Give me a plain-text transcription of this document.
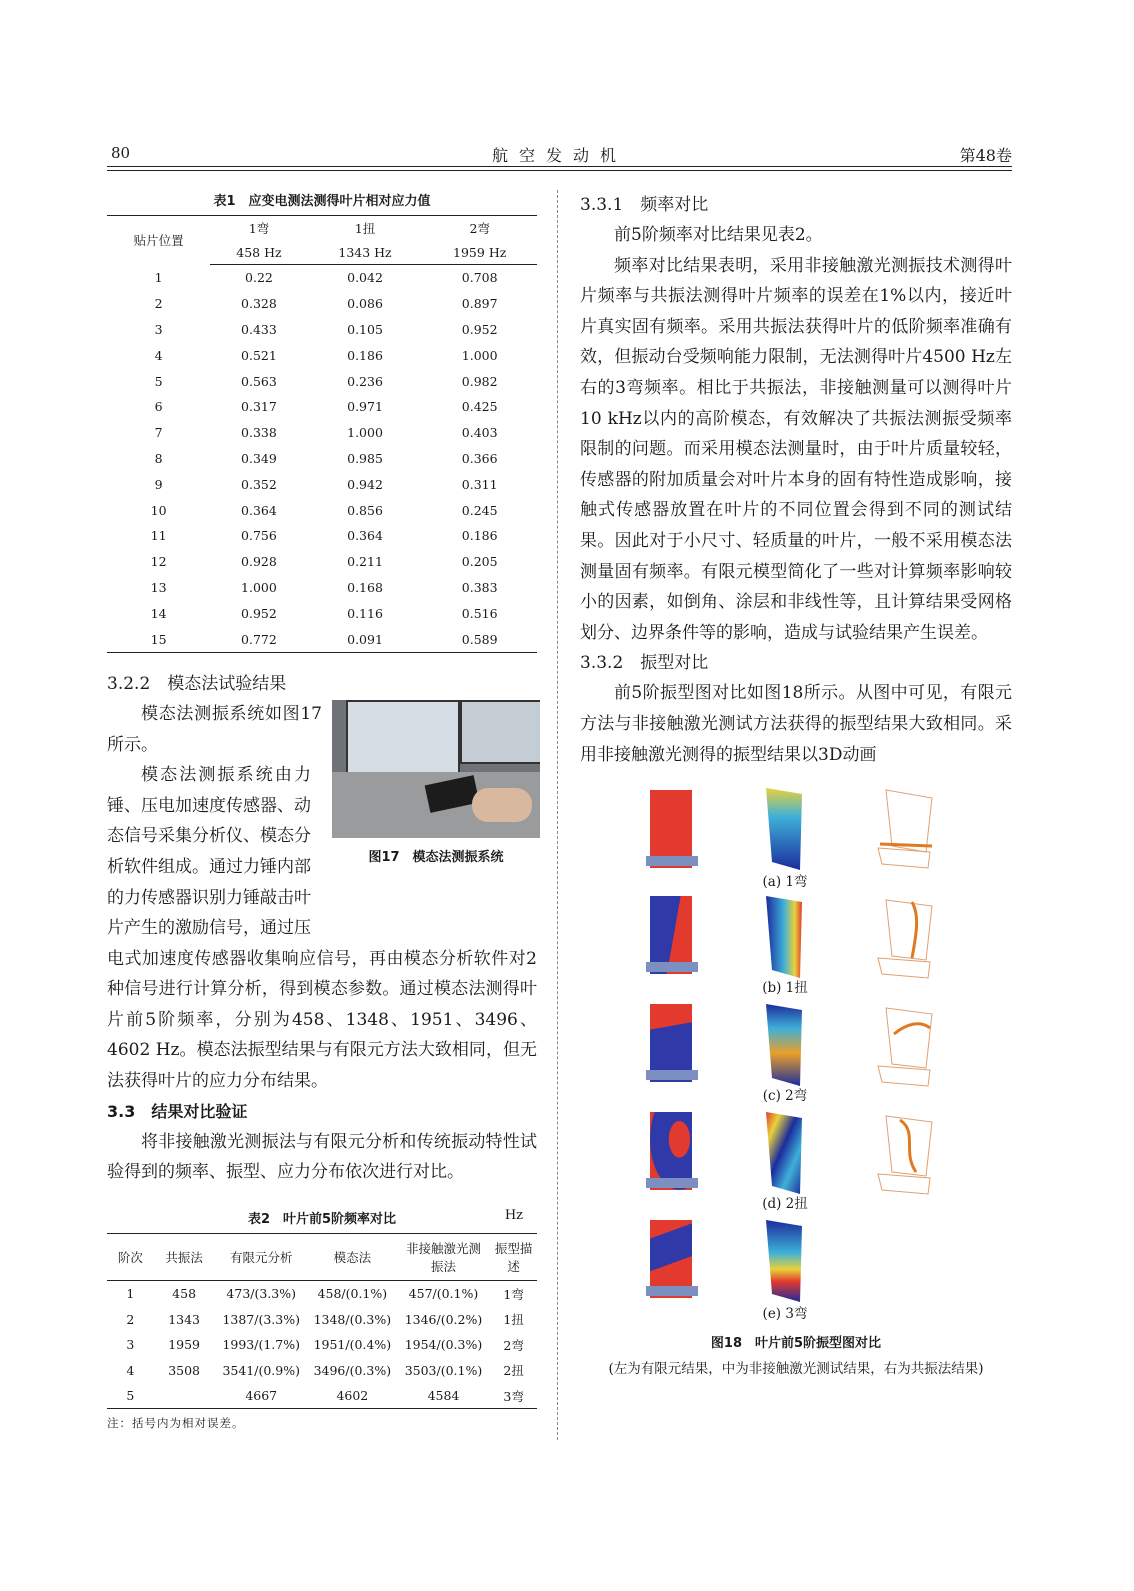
80	航空发动机	第48卷
表1　应变电测法测得叶片相对应力值
贴片位置	1弯	1扭	2弯
	458 Hz	1343 Hz	1959 Hz
1	0.22	0.042	0.708
2	0.328	0.086	0.897
3	0.433	0.105	0.952
4	0.521	0.186	1.000
5	0.563	0.236	0.982
6	0.317	0.971	0.425
7	0.338	1.000	0.403
8	0.349	0.985	0.366
9	0.352	0.942	0.311
10	0.364	0.856	0.245
11	0.756	0.364	0.186
12	0.928	0.211	0.205
13	1.000	0.168	0.383
14	0.952	0.116	0.516
15	0.772	0.091	0.589
3.2.2　模态法试验结果
模态法测振系统如图17所示。
模态法测振系统由力锤、压电加速度传感器、动态信号采集分析仪、模态分析软件组成。通过力锤内部的力传感器识别力锤敲击叶片产生的激励信号，通过压电式加速度传感器收集响应信号，再由模态分析软件对2种信号进行计算分析，得到模态参数。通过模态法测得叶片前5阶频率，分别为458、1348、1951、3496、4602 Hz。模态法振型结果与有限元方法大致相同，但无法获得叶片的应力分布结果。
3.3　结果对比验证
将非接触激光测振法与有限元分析和传统振动特性试验得到的频率、振型、应力分布依次进行对比。
表2　叶片前5阶频率对比	Hz
阶次	共振法	有限元分析	模态法	非接触激光测振法	振型描述
1	458	473/(3.3%)	458/(0.1%)	457/(0.1%)	1弯
2	1343	1387/(3.3%)	1348/(0.3%)	1346/(0.2%)	1扭
3	1959	1993/(1.7%)	1951/(0.4%)	1954/(0.3%)	2弯
4	3508	3541/(0.9%)	3496/(0.3%)	3503/(0.1%)	2扭
5		4667	4602	4584	3弯
注：括号内为相对误差。
图17　模态法测振系统
3.3.1　频率对比
前5阶频率对比结果见表2。
频率对比结果表明，采用非接触激光测振技术测得叶片频率与共振法测得叶片频率的误差在1%以内，接近叶片真实固有频率。采用共振法获得叶片的低阶频率准确有效，但振动台受频响能力限制，无法测得叶片4500 Hz左右的3弯频率。相比于共振法，非接触测量可以测得叶片10 kHz以内的高阶模态，有效解决了共振法测振受频率限制的问题。而采用模态法测量时，由于叶片质量较轻，传感器的附加质量会对叶片本身的固有特性造成影响，接触式传感器放置在叶片的不同位置会得到不同的测试结果。因此对于小尺寸、轻质量的叶片，一般不采用模态法测量固有频率。有限元模型简化了一些对计算频率影响较小的因素，如倒角、涂层和非线性等，且计算结果受网格划分、边界条件等的影响，造成与试验结果产生误差。
3.3.2　振型对比
前5阶振型图对比如图18所示。从图中可见，有限元方法与非接触激光测试方法获得的振型结果大致相同。采用非接触激光测得的振型结果以3D动画
(a) 1弯
(b) 1扭
(c) 2弯
(d) 2扭
(e) 3弯
图18　叶片前5阶振型图对比
(左为有限元结果，中为非接触激光测试结果，右为共振法结果)
